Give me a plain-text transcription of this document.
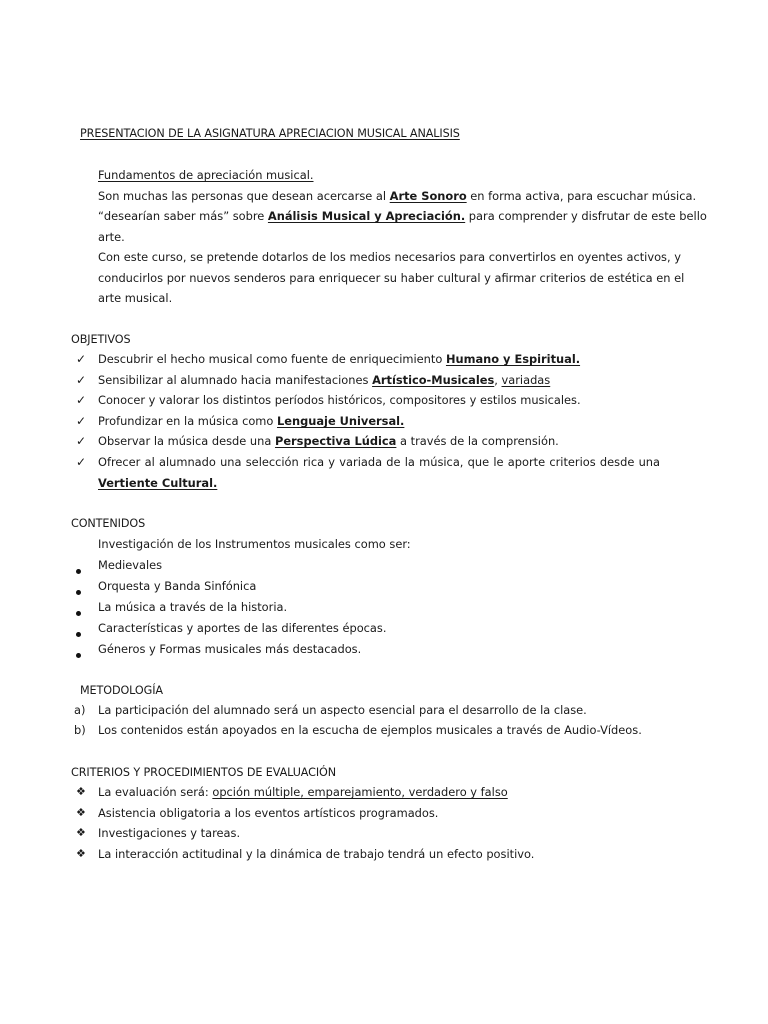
PRESENTACION DE LA ASIGNATURA APRECIACION MUSICAL ANALISIS
Fundamentos de apreciación musical.
Son muchas las personas que desean acercarse al Arte Sonoro en forma activa, para escuchar música.
“desearían saber más” sobre Análisis Musical y Apreciación. para comprender y disfrutar de este bello
arte.
Con este curso, se pretende dotarlos de los medios necesarios para convertirlos en oyentes activos, y
conducirlos por nuevos senderos para enriquecer su haber cultural y afirmar criterios de estética en el
arte musical.
OBJETIVOS
✓	Descubrir el hecho musical como fuente de enriquecimiento Humano y Espiritual.
✓	Sensibilizar al alumnado hacia manifestaciones Artístico-Musicales, variadas
✓	Conocer y valorar los distintos períodos históricos, compositores y estilos musicales.
✓	Profundizar en la música como Lenguaje Universal.
✓	Observar la música desde una Perspectiva Lúdica a través de la comprensión.
✓	Ofrecer al alumnado una selección rica y variada de la música, que le aporte criterios desde una
Vertiente Cultural.
CONTENIDOS
Investigación de los Instrumentos musicales como ser:
Medievales
Orquesta y Banda Sinfónica
La música a través de la historia.
Características y aportes de las diferentes épocas.
Géneros y Formas musicales más destacados.
METODOLOGÍA
a)	La participación del alumnado será un aspecto esencial para el desarrollo de la clase.
b)	Los contenidos están apoyados en la escucha de ejemplos musicales a través de Audio-Vídeos.
CRITERIOS Y PROCEDIMIENTOS DE EVALUACIÓN
❖	La evaluación será: opción múltiple, emparejamiento, verdadero y falso
❖	Asistencia obligatoria a los eventos artísticos programados.
❖	Investigaciones y tareas.
❖	La interacción actitudinal y la dinámica de trabajo tendrá un efecto positivo.
